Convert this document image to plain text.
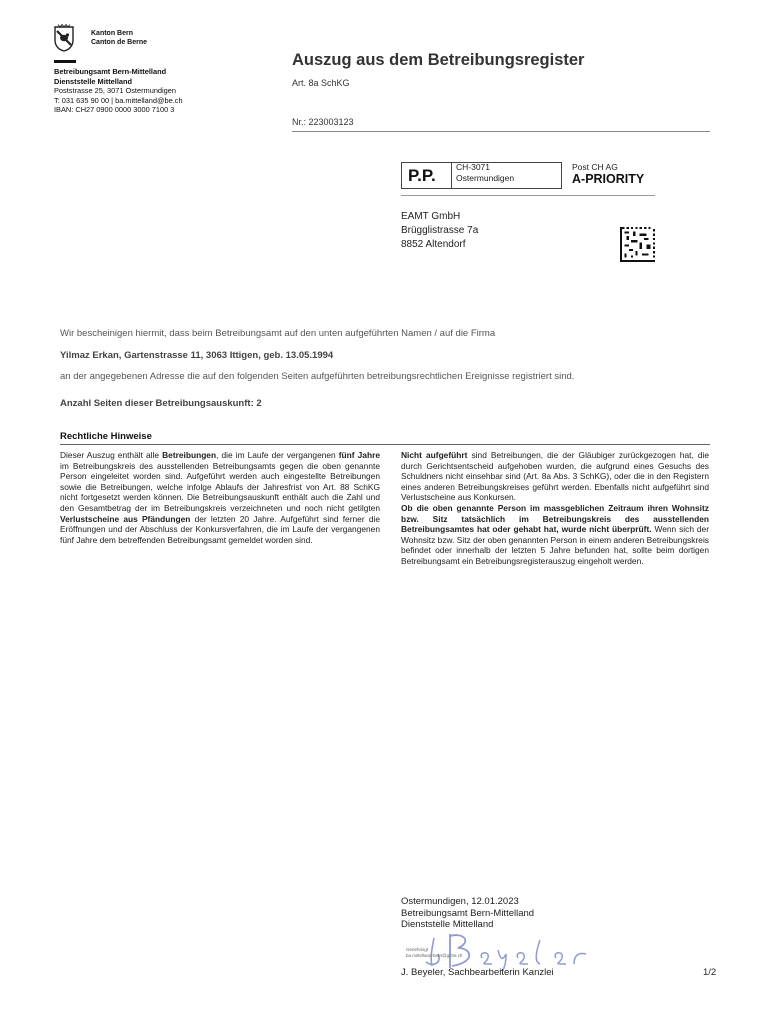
Kanton Bern
Canton de Berne
Betreibungsamt Bern-Mittelland
Dienststelle Mittelland
Poststrasse 25, 3071 Ostermundigen
T: 031 635 90 00 | ba.mittelland@be.ch
IBAN: CH27 0900 0000 3000 7100 3
Auszug aus dem Betreibungsregister
Art. 8a SchKG
Nr.: 223003123
P.P. CH-3071
Ostermundigen
Post CH AG
A-PRIORITY
EAMT GmbH
Brügglistrasse 7a
8852 Altendorf
Wir bescheinigen hiermit, dass beim Betreibungsamt auf den unten aufgeführten Namen / auf die Firma
Yilmaz Erkan, Gartenstrasse 11, 3063 Ittigen, geb. 13.05.1994
an der angegebenen Adresse die auf den folgenden Seiten aufgeführten betreibungsrechtlichen Ereignisse registriert sind.
Anzahl Seiten dieser Betreibungsauskunft: 2
Rechtliche Hinweise
Dieser Auszug enthält alle Betreibungen, die im Laufe der vergangenen fünf Jahre im Betreibungskreis des ausstellenden Betreibungsamts gegen die oben genannte Person eingeleitet worden sind. Aufgeführt werden auch eingestellte Betreibungen sowie die Betreibungen, welche infolge Ablaufs der Jahresfrist von Art. 88 SchKG nicht fortgesetzt werden können. Die Betreibungsauskunft enthält auch die Zahl und den Gesamtbetrag der im Betreibungskreis verzeichneten und noch nicht getilgten Verlustscheine aus Pfändungen der letzten 20 Jahre. Aufgeführt sind ferner die Eröffnungen und der Abschluss der Konkursverfahren, die im Laufe der vergangenen fünf Jahre dem betreffenden Betreibungsamt gemeldet worden sind.
Nicht aufgeführt sind Betreibungen, die der Gläubiger zurückgezogen hat, die durch Gerichtsentscheid aufgehoben wurden, die aufgrund eines Gesuchs des Schuldners nicht einsehbar sind (Art. 8a Abs. 3 SchKG), oder die in den Registern eines anderen Betreibungskreises geführt werden. Ebenfalls nicht aufgeführt sind Verlustscheine aus Konkursen.
Ob die oben genannte Person im massgeblichen Zeitraum ihren Wohnsitz bzw. Sitz tatsächlich im Betreibungskreis des ausstellenden Betreibungsamtes hat oder gehabt hat, wurde nicht überprüft. Wenn sich der Wohnsitz bzw. Sitz der oben genannten Person in einem anderen Betreibungskreis befindet oder innerhalb der letzten 5 Jahre befunden hat, sollte beim dortigen Betreibungsamt ein Betreibungsregisterauszug eingeholt werden.
Ostermundigen, 12.01.2023
Betreibungsamt Bern-Mittelland
Dienststelle Mittelland
Genehmigt
ba.mittelland-bern@gl.be.ch
J. Beyeler, Sachbearbeiterin Kanzlei	1/2
